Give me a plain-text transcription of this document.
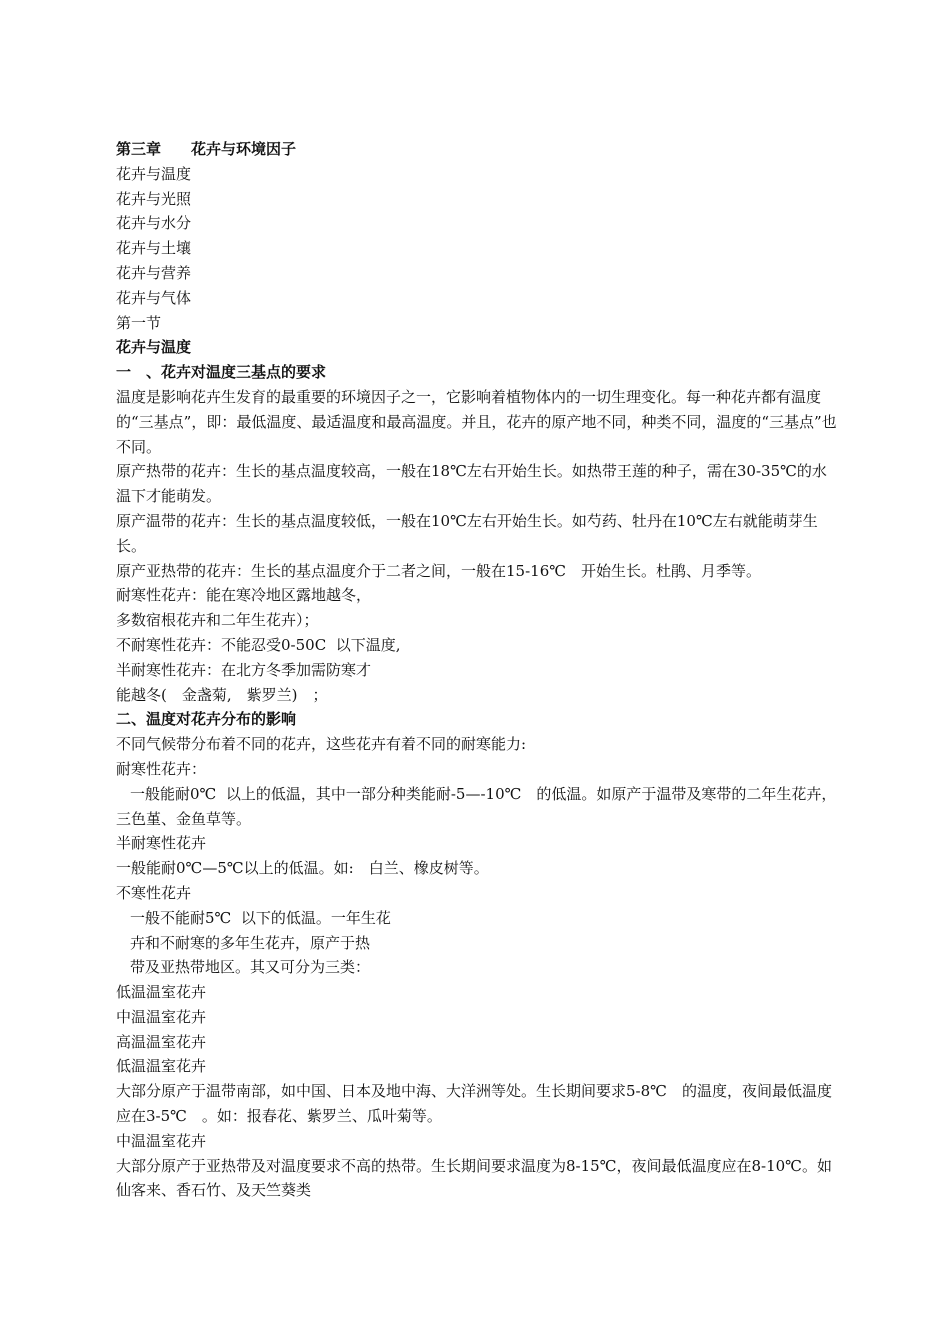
第三章　　花卉与环境因子
花卉与温度
花卉与光照
花卉与水分
花卉与土壤
花卉与营养
花卉与气体
第一节
花卉与温度
一　、花卉对温度三基点的要求
温度是影响花卉生发育的最重要的环境因子之一，它影响着植物体内的一切生理变化。每一种花卉都有温度的“三基点”，即：最低温度、最适温度和最高温度。并且，花卉的原产地不同，种类不同，温度的“三基点”也不同。
原产热带的花卉：生长的基点温度较高，一般在18℃左右开始生长。如热带王莲的种子，需在30-35℃的水温下才能萌发。
原产温带的花卉：生长的基点温度较低，一般在10℃左右开始生长。如芍药、牡丹在10℃左右就能萌芽生长。
原产亚热带的花卉：生长的基点温度介于二者之间，一般在15-16℃　开始生长。杜鹃、月季等。
耐寒性花卉：能在寒冷地区露地越冬，
多数宿根花卉和二年生花卉）；
不耐寒性花卉：不能忍受0-50C  以下温度,
半耐寒性花卉：在北方冬季加需防寒才
能越冬(　金盏菊,　紫罗兰)　；
二、温度对花卉分布的影响
不同气候带分布着不同的花卉，这些花卉有着不同的耐寒能力:
耐寒性花卉：
一般能耐0℃  以上的低温，其中一部分种类能耐-5—-10℃　的低温。如原产于温带及寒带的二年生花卉，三色堇、金鱼草等。
半耐寒性花卉
一般能耐0℃—5℃以上的低温。如:　白兰、橡皮树等。
不寒性花卉
一般不能耐5℃  以下的低温。一年生花
卉和不耐寒的多年生花卉，原产于热
带及亚热带地区。其又可分为三类：
低温温室花卉
中温温室花卉
高温温室花卉
低温温室花卉
大部分原产于温带南部，如中国、日本及地中海、大洋洲等处。生长期间要求5-8℃　的温度，夜间最低温度应在3-5℃　。如：报春花、紫罗兰、瓜叶菊等。
中温温室花卉
大部分原产于亚热带及对温度要求不高的热带。生长期间要求温度为8-15℃，夜间最低温度应在8-10℃。如仙客来、香石竹、及天竺葵类
